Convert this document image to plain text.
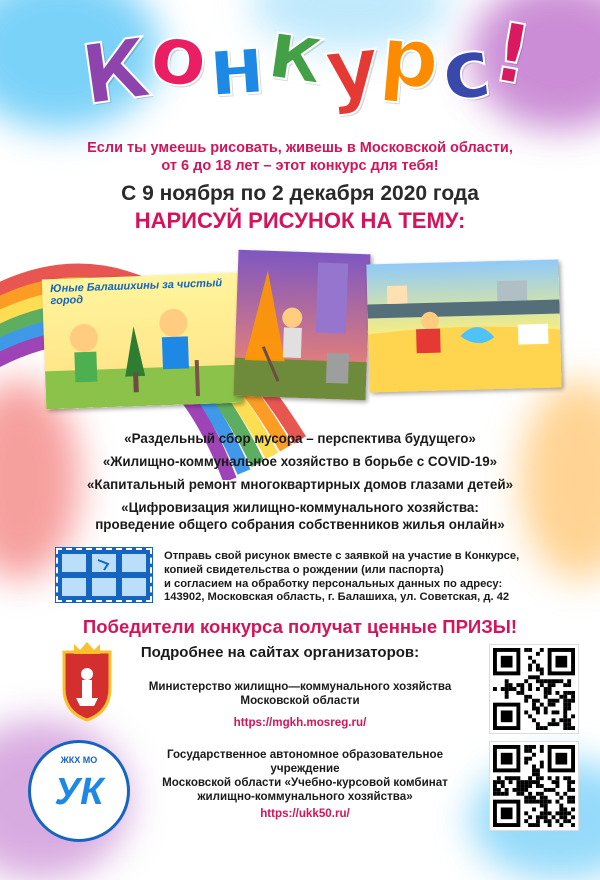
К
о
н
к
у
р
с
!
Если ты умеешь рисовать, живешь в Московской области,
от 6 до 18 лет – этот конкурс для тебя!
С 9 ноября по 2 декабря 2020 года
НАРИСУЙ РИСУНОК НА ТЕМУ:
Юные Балашихины за чистый город
«Раздельный сбор мусора – перспектива будущего»
«Жилищно-коммунальное хозяйство в борьбе с COVID-19»
«Капитальный ремонт многоквартирных домов глазами детей»
«Цифровизация жилищно-коммунального хозяйства:
проведение общего собрания собственников жилья онлайн»
Отправь свой рисунок вместе с заявкой на участие в Конкурсе,
копией свидетельства о рождении (или паспорта)
и согласием на обработку персональных данных по адресу:
143902, Московская область, г. Балашиха, ул. Советская, д. 42
Победители конкурса получат ценные ПРИЗЫ!
Подробнее на сайтах организаторов:
Министерство жилищно—коммунального хозяйства
Московской области
https://mgkh.mosreg.ru/
ЖКХ МО
УК
Государственное автономное образовательное учреждение
Московской области «Учебно-курсовой комбинат
жилищно-коммунального хозяйства»
https://ukk50.ru/
